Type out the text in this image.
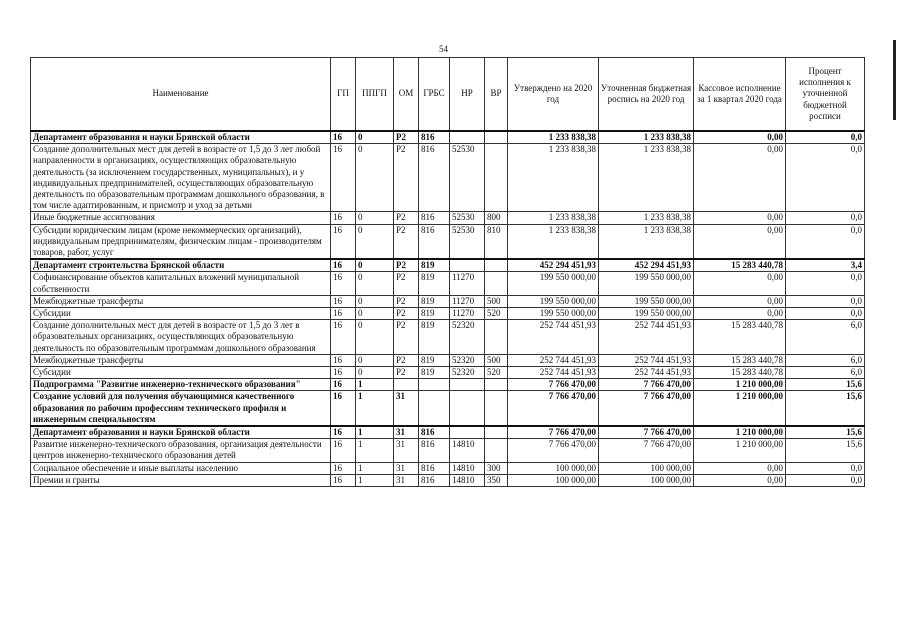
54
Наименование	ГП	ППГП	ОМ	ГРБС	НР	ВР	Утверждено на 2020 год	Уточненная бюджетная роспись на 2020 год	Кассовое исполнение за 1 квартал 2020 года	Процент исполнения к уточненной бюджетной росписи
Департамент образования и науки Брянской области	16	0	Р2	816			1 233 838,38	1 233 838,38	0,00	0,0
Создание дополнительных мест для детей в возрасте от 1,5 до 3 лет любой направленности в организациях, осуществляющих образовательную деятельность (за исключением государственных, муниципальных), и у индивидуальных предпринимателей, осуществляющих образовательную деятельность по образовательным программам дошкольного образования, в том числе адаптированным, и присмотр и уход за детьми	16	0	Р2	816	52530		1 233 838,38	1 233 838,38	0,00	0,0
Иные бюджетные ассигнования	16	0	Р2	816	52530	800	1 233 838,38	1 233 838,38	0,00	0,0
Субсидии юридическим лицам (кроме некоммерческих организаций), индивидуальным предпринимателям, физическим лицам - производителям товаров, работ, услуг	16	0	Р2	816	52530	810	1 233 838,38	1 233 838,38	0,00	0,0
Департамент строительства Брянской области	16	0	Р2	819			452 294 451,93	452 294 451,93	15 283 440,78	3,4
Софинансирование объектов капитальных вложений муниципальной собственности	16	0	Р2	819	11270		199 550 000,00	199 550 000,00	0,00	0,0
Межбюджетные трансферты	16	0	Р2	819	11270	500	199 550 000,00	199 550 000,00	0,00	0,0
Субсидии	16	0	Р2	819	11270	520	199 550 000,00	199 550 000,00	0,00	0,0
Создание дополнительных мест для детей в возрасте от 1,5 до 3 лет в образовательных организациях, осуществляющих образовательную деятельность по образовательным программам дошкольного образования	16	0	Р2	819	52320		252 744 451,93	252 744 451,93	15 283 440,78	6,0
Межбюджетные трансферты	16	0	Р2	819	52320	500	252 744 451,93	252 744 451,93	15 283 440,78	6,0
Субсидии	16	0	Р2	819	52320	520	252 744 451,93	252 744 451,93	15 283 440,78	6,0
Подпрограмма "Развитие инженерно-технического образования"	16	1					7 766 470,00	7 766 470,00	1 210 000,00	15,6
Создание условий для получения обучающимися качественного образования по рабочим профессиям технического профиля и инженерным специальностям	16	1	31				7 766 470,00	7 766 470,00	1 210 000,00	15,6
Департамент образования и науки Брянской области	16	1	31	816			7 766 470,00	7 766 470,00	1 210 000,00	15,6
Развитие инженерно-технического образования, организация деятельности центров инженерно-технического образования детей	16	1	31	816	14810		7 766 470,00	7 766 470,00	1 210 000,00	15,6
Социальное обеспечение и иные выплаты населению	16	1	31	816	14810	300	100 000,00	100 000,00	0,00	0,0
Премии и гранты	16	1	31	816	14810	350	100 000,00	100 000,00	0,00	0,0
